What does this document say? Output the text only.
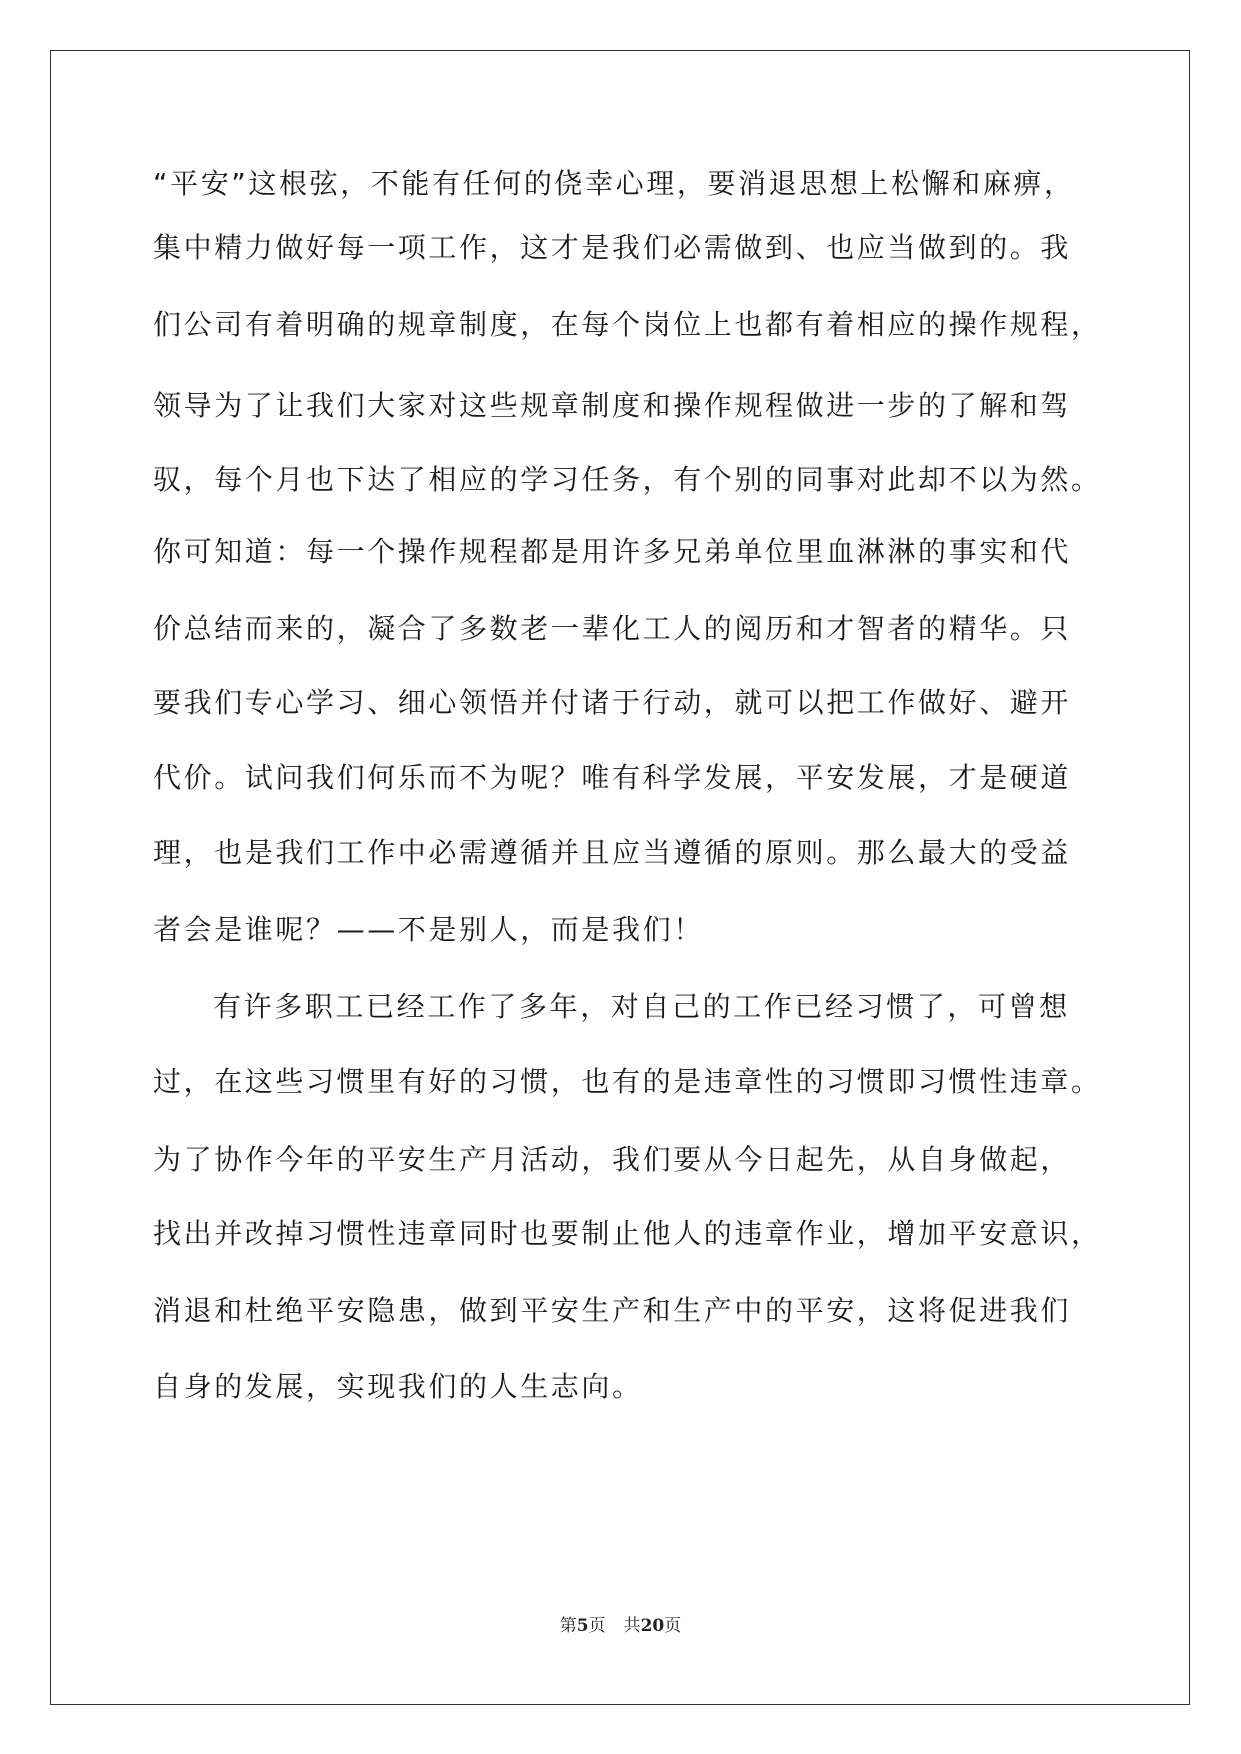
“平安”这根弦，不能有任何的侥幸心理，要消退思想上松懈和麻痹，
集中精力做好每一项工作，这才是我们必需做到、也应当做到的。我
们公司有着明确的规章制度，在每个岗位上也都有着相应的操作规程，
领导为了让我们大家对这些规章制度和操作规程做进一步的了解和驾
驭，每个月也下达了相应的学习任务，有个别的同事对此却不以为然。
你可知道：每一个操作规程都是用许多兄弟单位里血淋淋的事实和代
价总结而来的，凝合了多数老一辈化工人的阅历和才智者的精华。只
要我们专心学习、细心领悟并付诸于行动，就可以把工作做好、避开
代价。试问我们何乐而不为呢？唯有科学发展，平安发展，才是硬道
理，也是我们工作中必需遵循并且应当遵循的原则。那么最大的受益
者会是谁呢？——不是别人，而是我们！
有许多职工已经工作了多年，对自己的工作已经习惯了，可曾想
过，在这些习惯里有好的习惯，也有的是违章性的习惯即习惯性违章。
为了协作今年的平安生产月活动，我们要从今日起先，从自身做起，
找出并改掉习惯性违章同时也要制止他人的违章作业，增加平安意识，
消退和杜绝平安隐患，做到平安生产和生产中的平安，这将促进我们
自身的发展，实现我们的人生志向。
第5页 共20页
